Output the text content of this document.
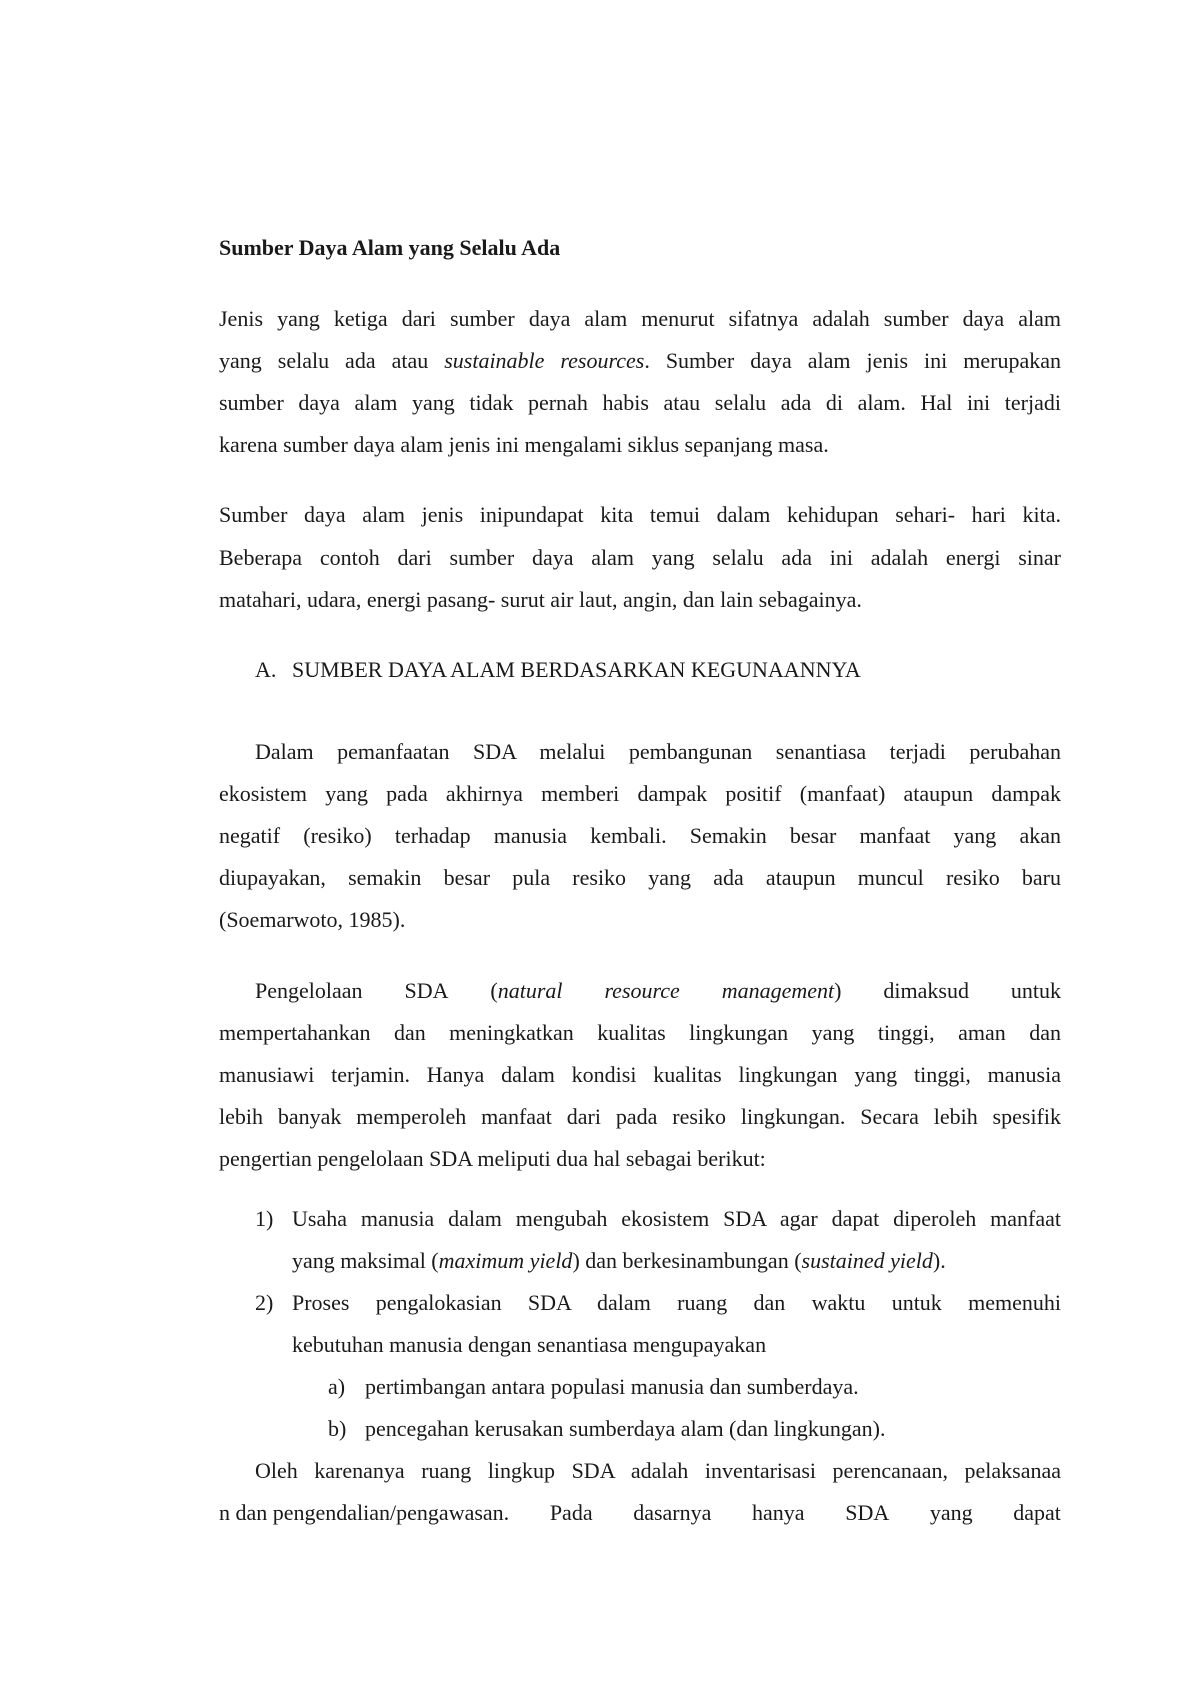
Sumber Daya Alam yang Selalu Ada
Jenis yang ketiga dari sumber daya alam menurut sifatnya adalah sumber daya alam
yang selalu ada atau sustainable resources. Sumber daya alam jenis ini merupakan
sumber daya alam yang tidak pernah habis atau selalu ada di alam. Hal ini terjadi
karena sumber daya alam jenis ini mengalami siklus sepanjang masa.
Sumber daya alam jenis inipundapat kita temui dalam kehidupan sehari- hari kita.
Beberapa contoh dari sumber daya alam yang selalu ada ini adalah energi sinar
matahari, udara, energi pasang- surut air laut, angin, dan lain sebagainya.
A. SUMBER DAYA ALAM BERDASARKAN KEGUNAANNYA
Dalam pemanfaatan SDA melalui pembangunan senantiasa terjadi perubahan
ekosistem yang pada akhirnya memberi dampak positif (manfaat) ataupun dampak
negatif (resiko) terhadap manusia kembali. Semakin besar manfaat yang akan
diupayakan, semakin besar pula resiko yang ada ataupun muncul resiko baru
(Soemarwoto, 1985).
Pengelolaan SDA (natural resource management) dimaksud untuk
mempertahankan dan meningkatkan kualitas lingkungan yang tinggi, aman dan
manusiawi terjamin. Hanya dalam kondisi kualitas lingkungan yang tinggi, manusia
lebih banyak memperoleh manfaat dari pada resiko lingkungan. Secara lebih spesifik
pengertian pengelolaan SDA meliputi dua hal sebagai berikut:
1) Usaha manusia dalam mengubah ekosistem SDA agar dapat diperoleh manfaat
yang maksimal (maximum yield) dan berkesinambungan (sustained yield).
2) Proses pengalokasian SDA dalam ruang dan waktu untuk memenuhi
kebutuhan manusia dengan senantiasa mengupayakan
a) pertimbangan antara populasi manusia dan sumberdaya.
b) pencegahan kerusakan sumberdaya alam (dan lingkungan).
Oleh karenanya ruang lingkup SDA adalah inventarisasi perencanaan, pelaksanaa
n dan pengendalian/pengawasan. Pada dasarnya hanya SDA yang dapat
